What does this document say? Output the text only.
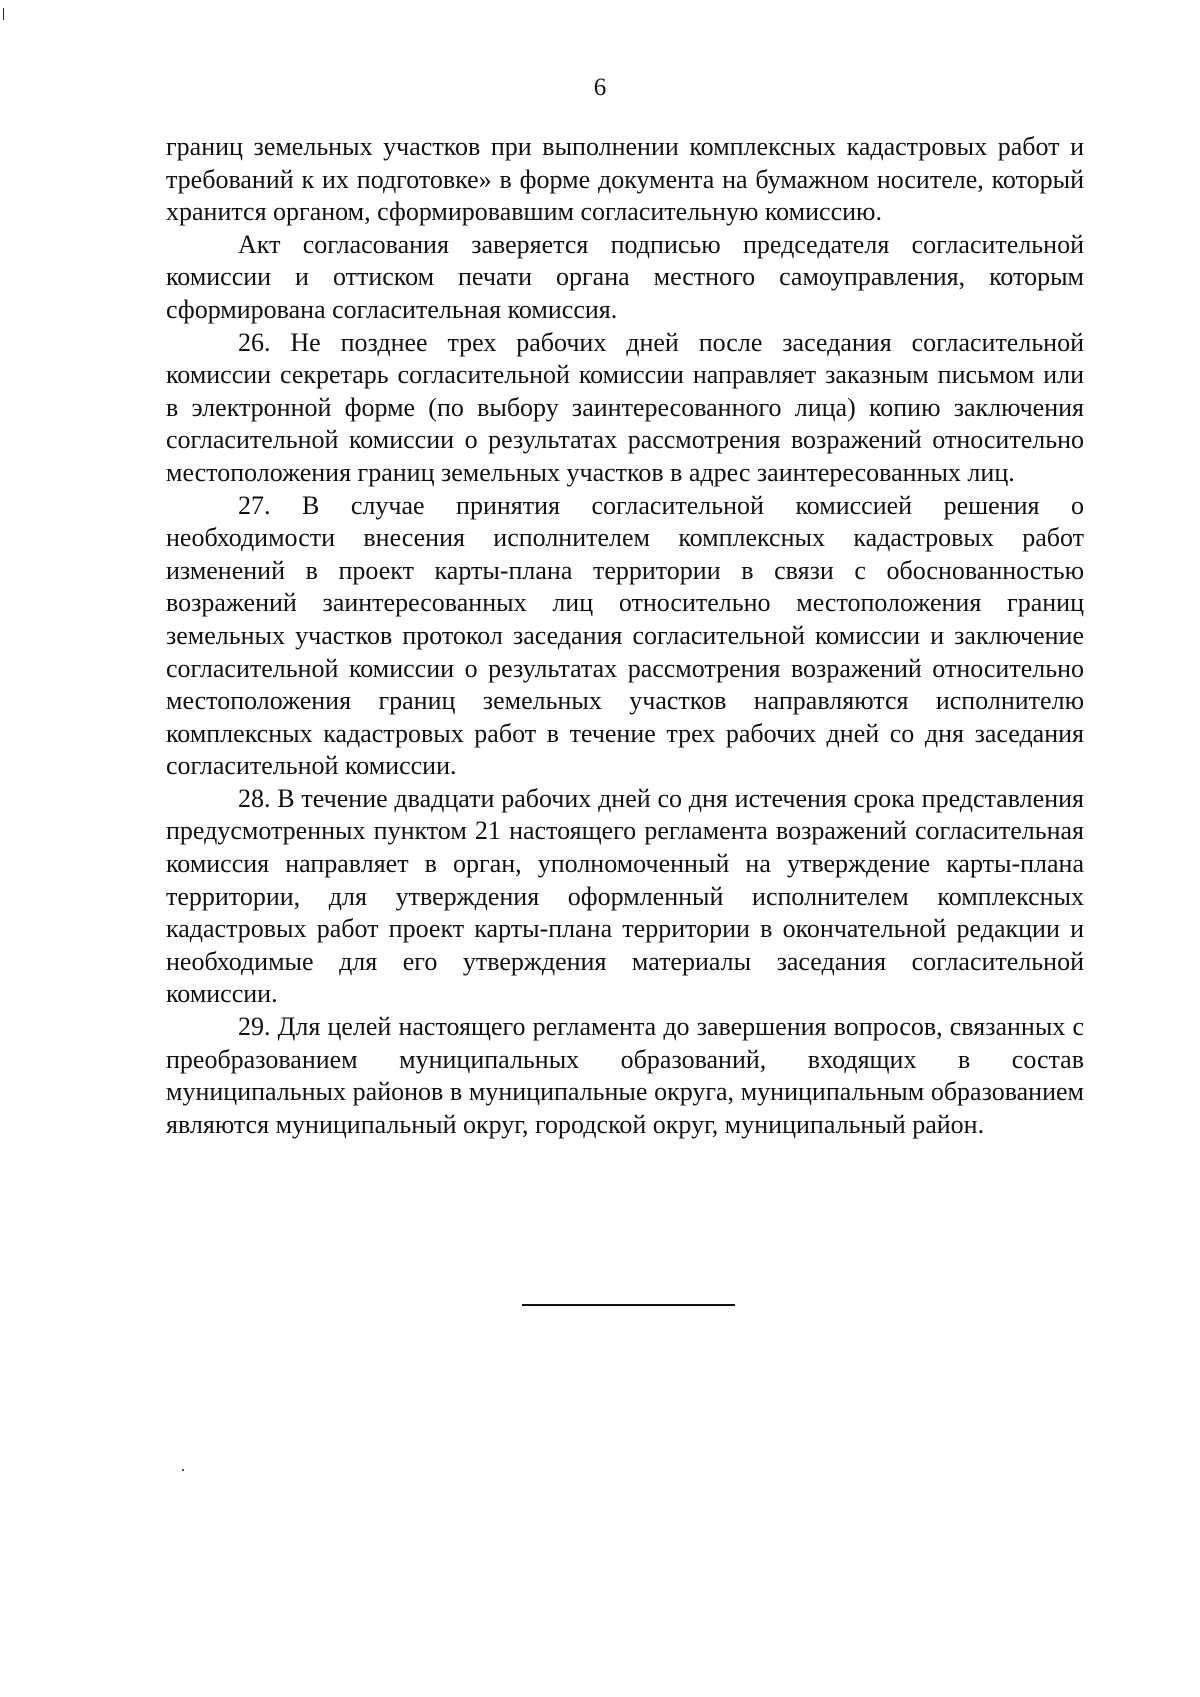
6

границ земельных участков при выполнении комплексных кадастровых работ и требований к их подготовке» в форме документа на бумажном носителе, который хранится органом, сформировавшим согласительную комиссию.

Акт согласования заверяется подписью председателя согласительной комиссии и оттиском печати органа местного самоуправления, которым сформирована согласительная комиссия.

26. Не позднее трех рабочих дней после заседания согласительной комиссии секретарь согласительной комиссии направляет заказным письмом или в электронной форме (по выбору заинтересованного лица) копию заключения согласительной комиссии о результатах рассмотрения возражений относительно местоположения границ земельных участков в адрес заинтересованных лиц.

27. В случае принятия согласительной комиссией решения о необходимости внесения исполнителем комплексных кадастровых работ изменений в проект карты-плана территории в связи с обоснованностью возражений заинтересованных лиц относительно местоположения границ земельных участков протокол заседания согласительной комиссии и заключение согласительной комиссии о результатах рассмотрения возражений относительно местоположения границ земельных участков направляются исполнителю комплексных кадастровых работ в течение трех рабочих дней со дня заседания согласительной комиссии.

28. В течение двадцати рабочих дней со дня истечения срока представления предусмотренных пунктом 21 настоящего регламента возражений согласительная комиссия направляет в орган, уполномоченный на утверждение карты-плана территории, для утверждения оформленный исполнителем комплексных кадастровых работ проект карты-плана территории в окончательной редакции и необходимые для его утверждения материалы заседания согласительной комиссии.

29. Для целей настоящего регламента до завершения вопросов, связанных с преобразованием муниципальных образований, входящих в состав муниципальных районов в муниципальные округа, муниципальным образованием являются муниципальный округ, городской округ, муниципальный район.
